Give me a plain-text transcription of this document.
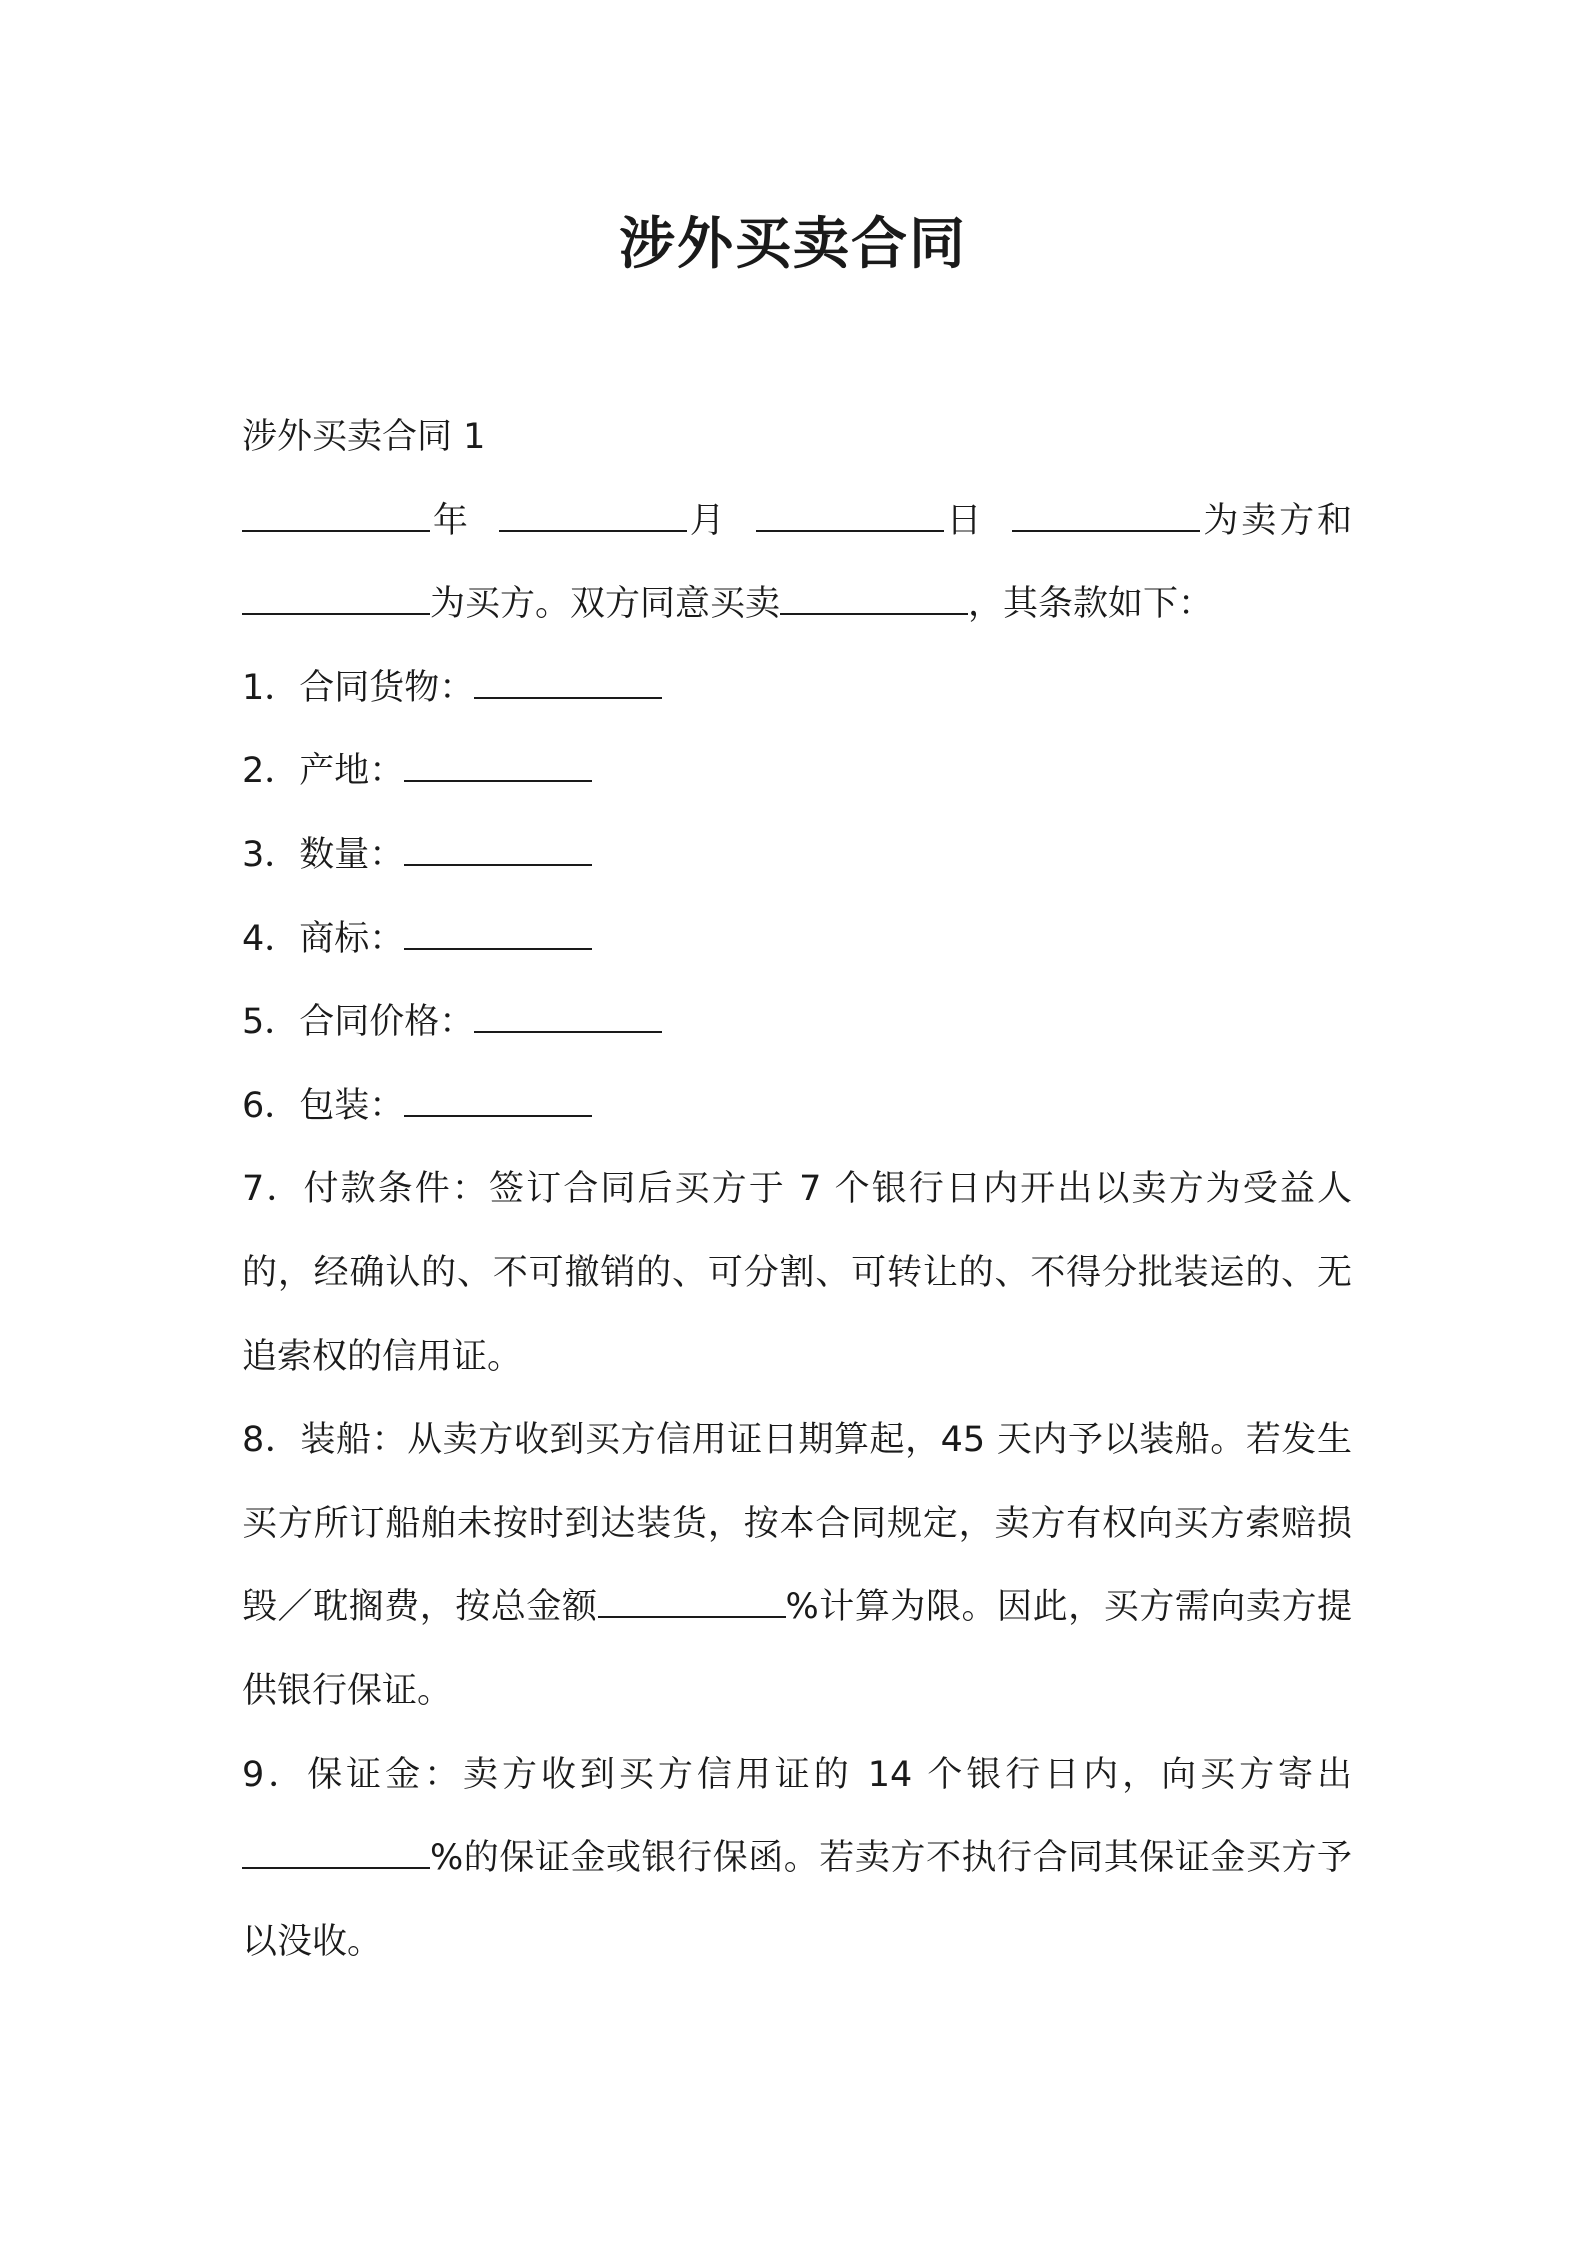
涉外买卖合同

涉外买卖合同 1

年	月	日	为卖方和为买方。双方同意买卖	，其条款如下：

1．合同货物：

2．产地：

3．数量：

4．商标：

5．合同价格：

6．包装：

7．付款条件：签订合同后买方于 7 个银行日内开出以卖方为受益人的，经确认的、不可撤销的、可分割、可转让的、不得分批装运的、无追索权的信用证。

8．装船：从卖方收到买方信用证日期算起，45 天内予以装船。若发生买方所订船舶未按时到达装货，按本合同规定，卖方有权向买方索赔损毁／耽搁费，按总金额	%计算为限。因此，买方需向卖方提供银行保证。

9．保证金：卖方收到买方信用证的 14 个银行日内，向买方寄出%的保证金或银行保函。若卖方不执行合同其保证金买方予以没收。
